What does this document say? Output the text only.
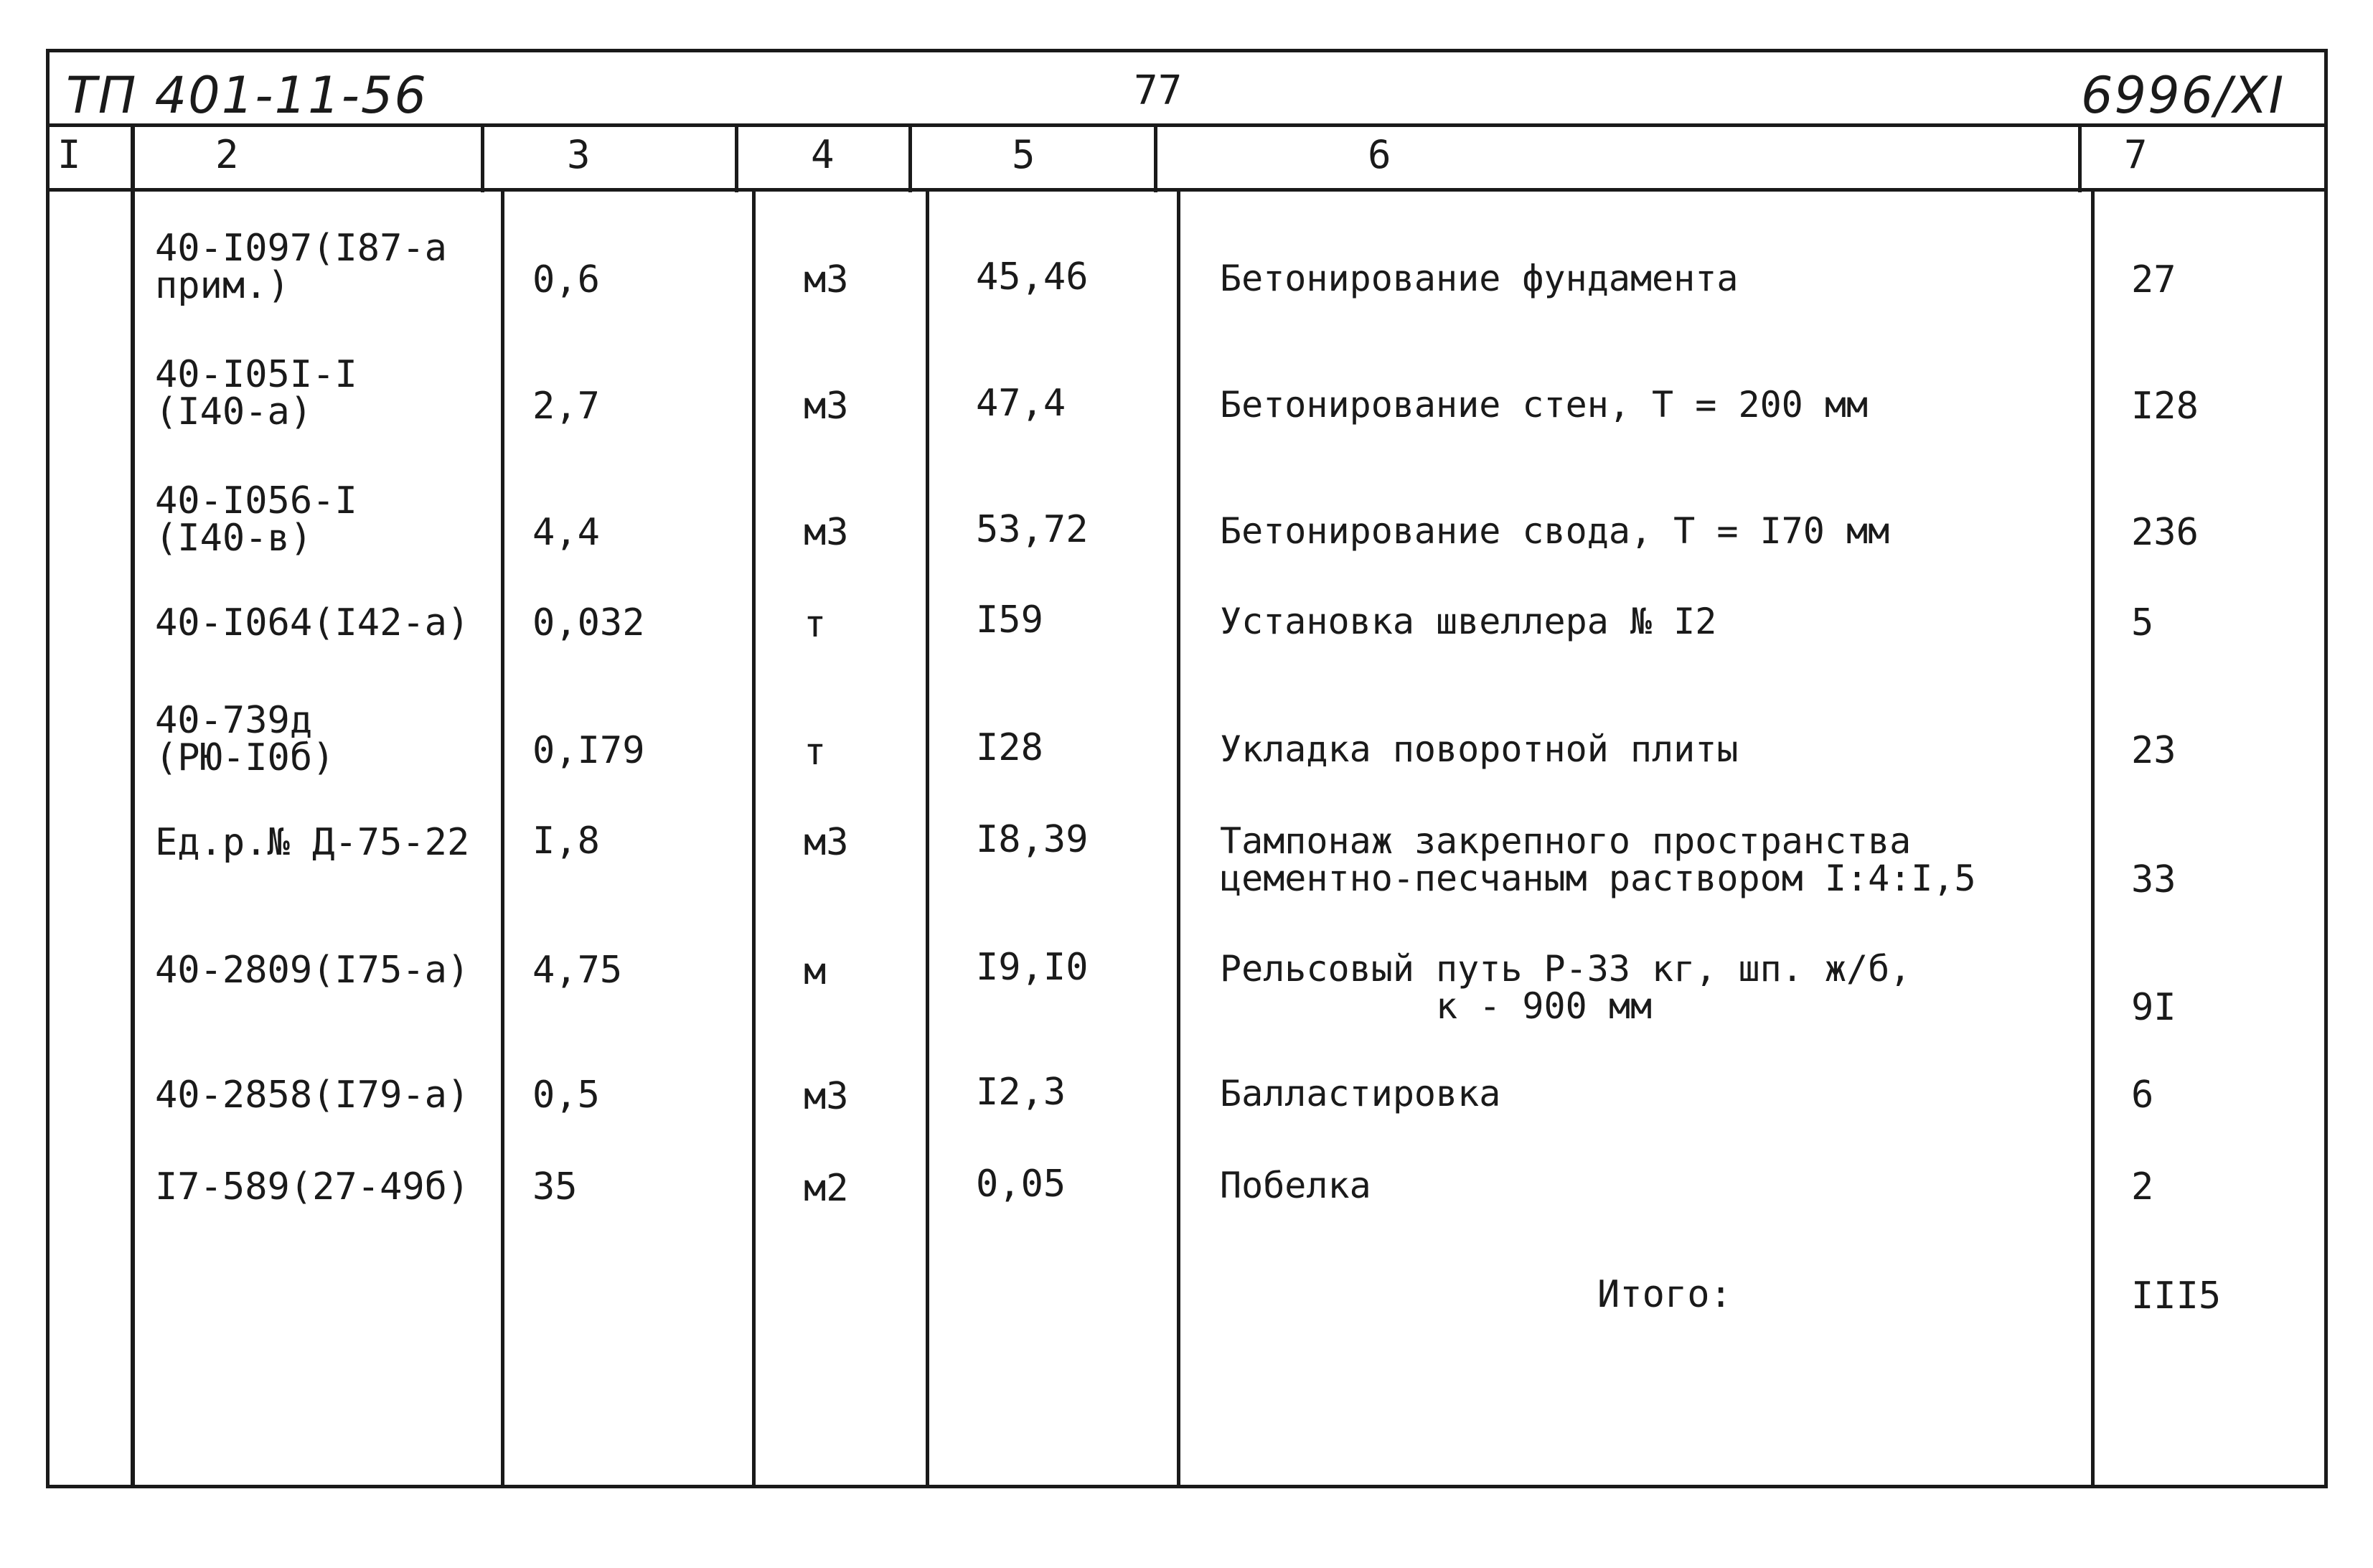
ТП 401-11-56	77	6996/XI
I	2	3	4	5	6	7
40-I097(I87-а
прим.)	0,6	м3	45,46	Бетонирование фундамента	27
40-I05I-I
(I40-а)	2,7	м3	47,4	Бетонирование стен, Т = 200 мм	I28
40-I056-I
(I40-в)	4,4	м3	53,72	Бетонирование свода, Т = I70 мм	236
40-I064(I42-а) 0,032	т	I59	Установка швеллера № I2	5
40-739д
(РЮ-I0б)	0,I79	т	I28	Укладка поворотной плиты	23
Ед.р.№ Д-75-22 I,8	м3	I8,39	Тампонаж закрепного пространства
цементно-песчаным раствором I:4:I,5	33
40-2809(I75-а) 4,75	м	I9,I0	Рельсовый путь Р-33 кг, шп. ж/б,
к - 900 мм	9I
40-2858(I79-а) 0,5	м3	I2,3	Балластировка	6
I7-589(27-49б) 35	м2	0,05	Побелка	2
Итого:	III5
